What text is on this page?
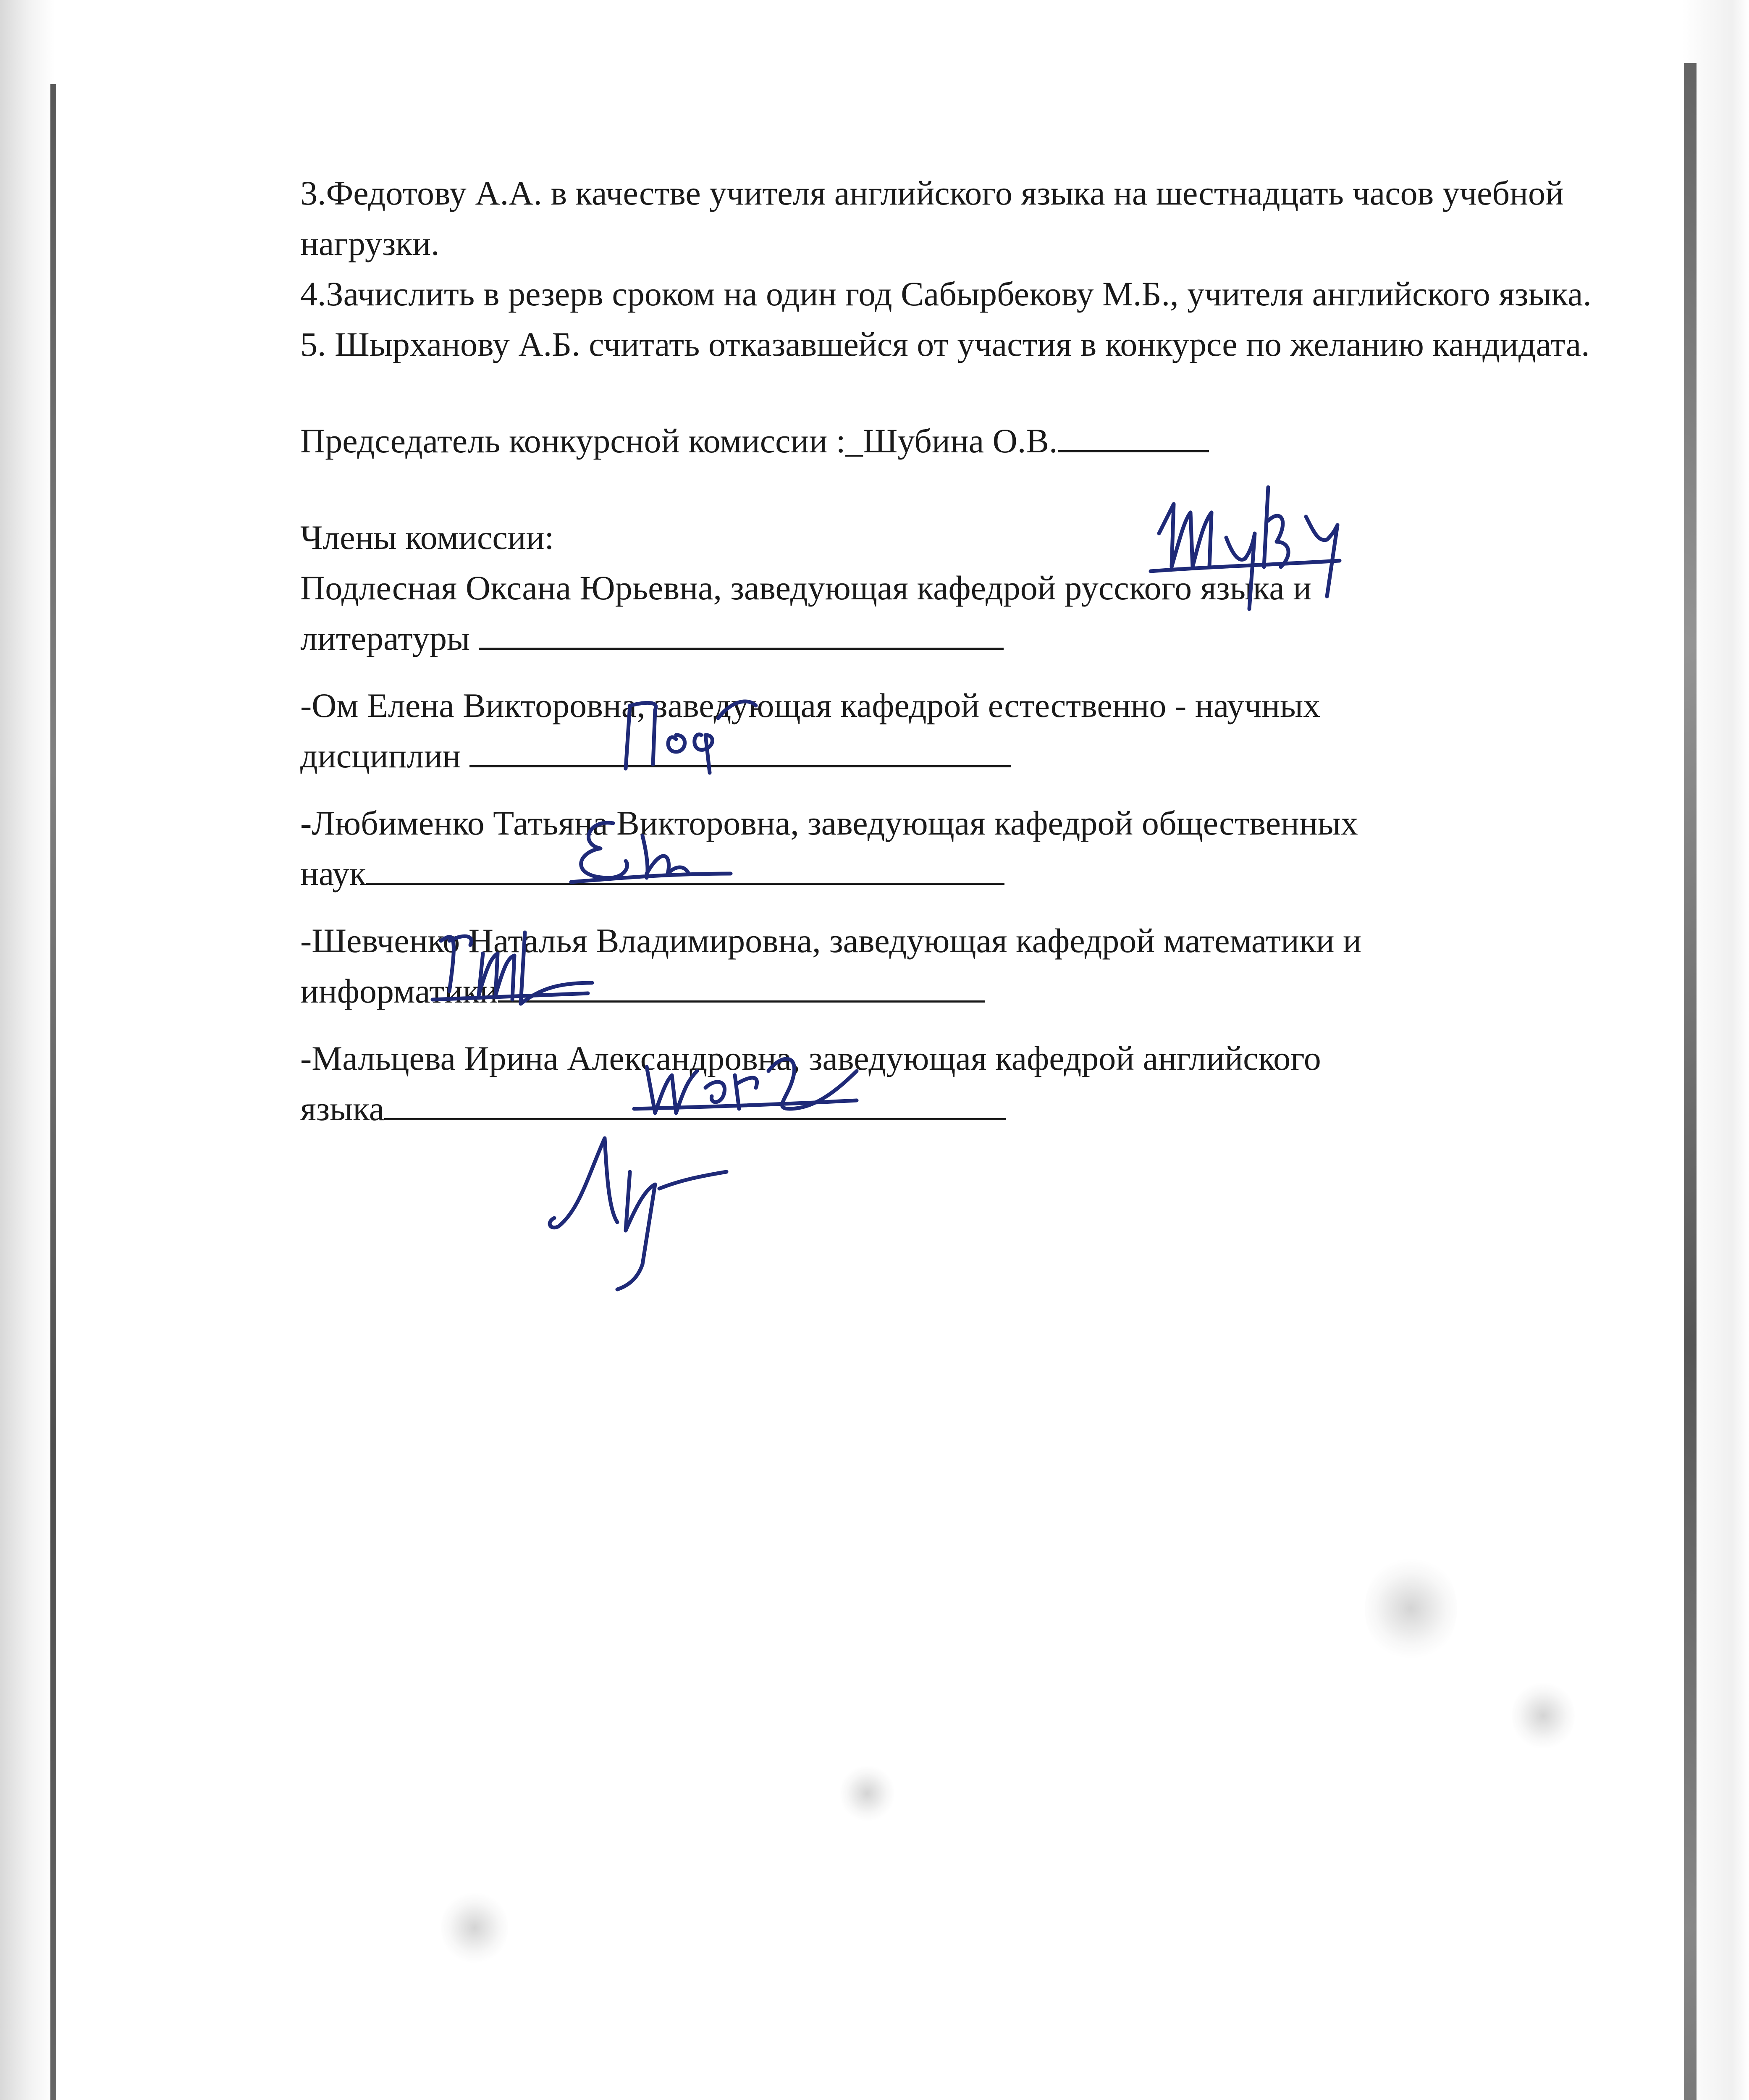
3.Федотову А.А. в качестве учителя английского языка на шестнадцать часов учебной нагрузки.

4.Зачислить в резерв сроком на один год Сабырбекову М.Б., учителя английского языка.

5. Шырханову А.Б. считать отказавшейся от участия в конкурсе по желанию кандидата.

Председатель конкурсной комиссии :_Шубина О.В.

Члены комиссии:

Подлесная Оксана Юрьевна, заведующая кафедрой русского языка и

литературы

-Ом Елена Викторовна, заведующая кафедрой естественно - научных

дисциплин

-Любименко Татьяна Викторовна, заведующая кафедрой общественных

наук

-Шевченко Наталья Владимировна, заведующая кафедрой математики и

информатики

-Мальцева Ирина Александровна, заведующая кафедрой английского

языка
